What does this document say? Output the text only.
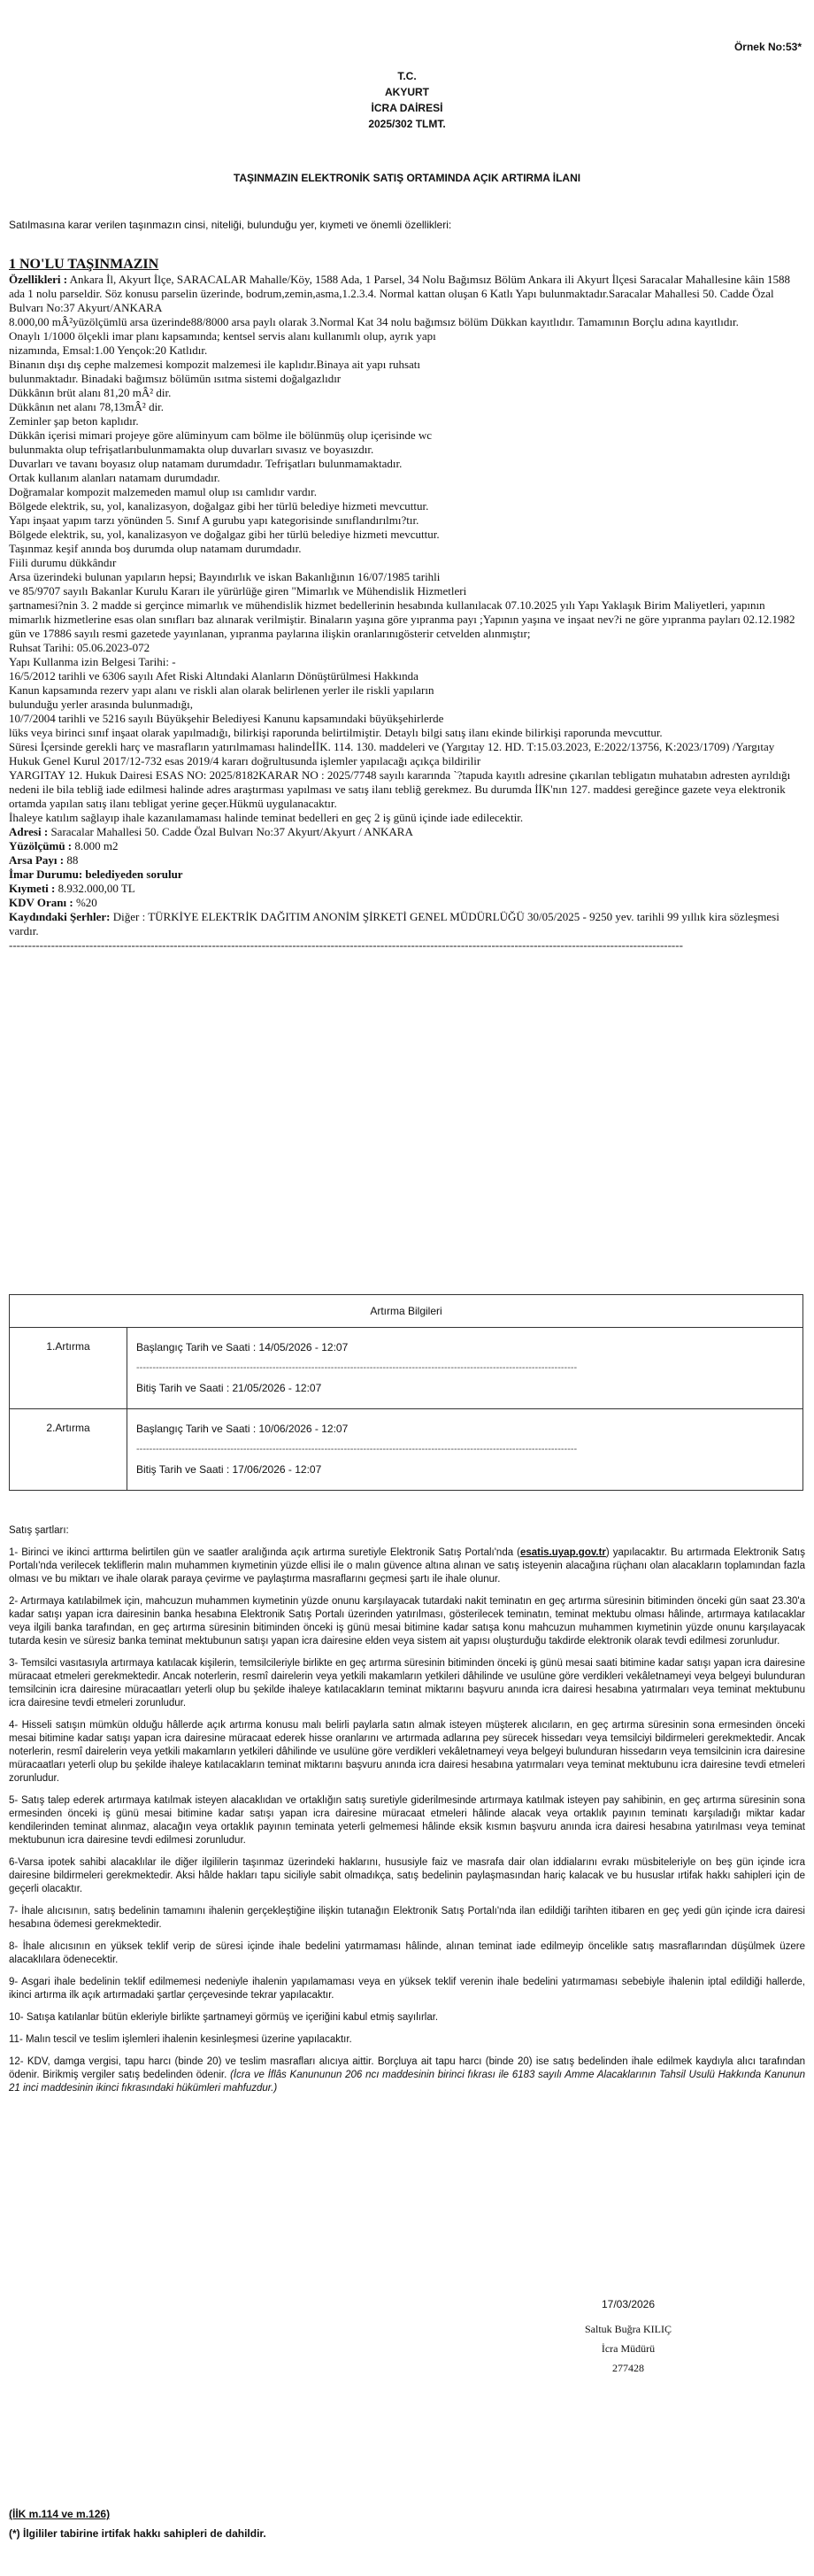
Örnek No:53*
T.C.
AKYURT
İCRA DAİRESİ
2025/302 TLMT.
TAŞINMAZIN ELEKTRONİK SATIŞ ORTAMINDA AÇIK ARTIRMA İLANI
Satılmasına karar verilen taşınmazın cinsi, niteliği, bulunduğu yer, kıymeti ve önemli özellikleri:
1 NO'LU TAŞINMAZIN

Özellikleri : Ankara İl, Akyurt İlçe, SARACALAR Mahalle/Köy, 1588 Ada, 1 Parsel, 34 Nolu Bağımsız Bölüm Ankara ili Akyurt İlçesi Saracalar Mahallesine kâin 1588 ada 1 nolu parseldir. Söz konusu parselin üzerinde, bodrum,zemin,asma,1.2.3.4. Normal kattan oluşan 6 Katlı Yapı bulunmaktadır.Saracalar Mahallesi 50. Cadde Özal Bulvarı No:37 Akyurt/ANKARA

8.000,00 mÂ²yüzölçümlü arsa üzerinde88/8000 arsa paylı olarak 3.Normal Kat 34 nolu bağımsız bölüm Dükkan kayıtlıdır. Tamamının Borçlu adına kayıtlıdır.

Onaylı 1/1000 ölçekli imar planı kapsamında; kentsel servis alanı kullanımlı olup, ayrık yapı

nizamında, Emsal:1.00 Yençok:20 Katlıdır.

Binanın dışı dış cephe malzemesi kompozit malzemesi ile kaplıdır.Binaya ait yapı ruhsatı

bulunmaktadır. Binadaki bağımsız bölümün ısıtma sistemi doğalgazlıdır

Dükkânın brüt alanı 81,20 mÂ² dir.

Dükkânın net alanı 78,13mÂ² dir.

Zeminler şap beton kaplıdır.

Dükkân içerisi mimari projeye göre alüminyum cam bölme ile bölünmüş olup içerisinde wc

bulunmakta olup tefrişatlarıbulunmamakta olup duvarları sıvasız ve boyasızdır.

Duvarları ve tavanı boyasız olup natamam durumdadır. Tefrişatları bulunmamaktadır.

Ortak kullanım alanları natamam durumdadır.

Doğramalar kompozit malzemeden mamul olup ısı camlıdır vardır.

Bölgede elektrik, su, yol, kanalizasyon, doğalgaz gibi her türlü belediye hizmeti mevcuttur.

Yapı inşaat yapım tarzı yönünden 5. Sınıf A gurubu yapı kategorisinde sınıflandırılmı?tır.

Bölgede elektrik, su, yol, kanalizasyon ve doğalgaz gibi her türlü belediye hizmeti mevcuttur.

Taşınmaz keşif anında boş durumda olup natamam durumdadır.

Fiili durumu dükkândır

Arsa üzerindeki bulunan yapıların hepsi; Bayındırlık ve iskan Bakanlığının 16/07/1985 tarihli

ve 85/9707 sayılı Bakanlar Kurulu Kararı ile yürürlüğe giren "Mimarlık ve Mühendislik Hizmetleri

şartnamesi?nin 3. 2 madde si gerçince mimarlık ve mühendislik hizmet bedellerinin hesabında kullanılacak 07.10.2025 yılı Yapı Yaklaşık Birim Maliyetleri, yapının mimarlık hizmetlerine esas olan sınıfları baz alınarak verilmiştir. Binaların yaşına göre yıpranma payı ;Yapının yaşına ve inşaat nev?i ne göre yıpranma payları 02.12.1982 gün ve 17886 sayılı resmi gazetede yayınlanan, yıpranma paylarına ilişkin oranlarınıgösterir cetvelden alınmıştır;

Ruhsat Tarihi: 05.06.2023-072

Yapı Kullanma izin Belgesi Tarihi: -

16/5/2012 tarihli ve 6306 sayılı Afet Riski Altındaki Alanların Dönüştürülmesi Hakkında

Kanun kapsamında rezerv yapı alanı ve riskli alan olarak belirlenen yerler ile riskli yapıların

bulunduğu yerler arasında bulunmadığı,

10/7/2004 tarihli ve 5216 sayılı Büyükşehir Belediyesi Kanunu kapsamındaki büyükşehirlerde

lüks veya birinci sınıf inşaat olarak yapılmadığı, bilirkişi raporunda belirtilmiştir. Detaylı bilgi satış ilanı ekinde bilirkişi raporunda mevcuttur.

Süresi İçersinde gerekli harç ve masrafların yatırılmaması halindeİİK. 114. 130. maddeleri ve (Yargıtay 12. HD. T:15.03.2023, E:2022/13756, K:2023/1709) /Yargıtay Hukuk Genel Kurul 2017/12-732 esas 2019/4 kararı doğrultusunda işlemler yapılacağı açıkça bildirilir

YARGITAY 12. Hukuk Dairesi ESAS NO: 2025/8182KARAR NO : 2025/7748 sayılı kararında `?tapuda kayıtlı adresine çıkarılan tebligatın muhatabın adresten ayrıldığı nedeni ile bila tebliğ iade edilmesi halinde adres araştırması yapılması ve satış ilanı tebliğ gerekmez. Bu durumda İİK'nın 127. maddesi gereğince gazete veya elektronik ortamda yapılan satış ilanı tebligat yerine geçer.Hükmü uygulanacaktır.

İhaleye katılım sağlayıp ihale kazanılamaması halinde teminat bedelleri en geç 2 iş günü içinde iade edilecektir.

Adresi : Saracalar Mahallesi 50. Cadde Özal Bulvarı No:37 Akyurt/Akyurt / ANKARA

Yüzölçümü : 8.000 m2

Arsa Payı : 88

İmar Durumu: belediyeden sorulur

Kıymeti : 8.932.000,00 TL

KDV Oranı : %20

Kaydındaki Şerhler: Diğer : TÜRKİYE ELEKTRİK DAĞITIM ANONİM ŞİRKETİ GENEL MÜDÜRLÜĞÜ 30/05/2025 - 9250 yev. tarihli 99 yıllık kira sözleşmesi vardır.

--------------------------------------------------------------------------------------------------------------------------------------------------------------------------------

Artırma Bilgileri	
1.Artırma	Başlangıç Tarih ve Saati : 14/05/2026 - 12:07
----------------------------------------------------------------------------------------------------------------------------------------
Bitiş Tarih ve Saati : 21/05/2026 - 12:07

2.Artırma	Başlangıç Tarih ve Saati : 10/06/2026 - 12:07
----------------------------------------------------------------------------------------------------------------------------------------
Bitiş Tarih ve Saati : 17/06/2026 - 12:07

Satış şartları:

1- Birinci ve ikinci arttırma belirtilen gün ve saatler aralığında açık artırma suretiyle Elektronik Satış Portalı'nda (esatis.uyap.gov.tr) yapılacaktır. Bu artırmada Elektronik Satış Portalı'nda verilecek tekliflerin malın muhammen kıymetinin yüzde ellisi ile o malın güvence altına alınan ve satış isteyenin alacağına rüçhanı olan alacakların toplamından fazla olması ve bu miktarı ve ihale olarak paraya çevirme ve paylaştırma masraflarını geçmesi şartı ile ihale olunur.

2- Artırmaya katılabilmek için, mahcuzun muhammen kıymetinin yüzde onunu karşılayacak tutardaki nakit teminatın en geç artırma süresinin bitiminden önceki gün saat 23.30'a kadar satışı yapan icra dairesinin banka hesabına Elektronik Satış Portalı üzerinden yatırılması, gösterilecek teminatın, teminat mektubu olması hâlinde, artırmaya katılacaklar veya ilgili banka tarafından, en geç artırma süresinin bitiminden önceki iş günü mesai bitimine kadar satışa konu mahcuzun muhammen kıymetinin yüzde onunu karşılayacak tutarda kesin ve süresiz banka teminat mektubunun satışı yapan icra dairesine elden veya sistem ait yapısı oluşturduğu takdirde elektronik olarak tevdi edilmesi zorunludur.

3- Temsilci vasıtasıyla artırmaya katılacak kişilerin, temsilcileriyle birlikte en geç artırma süresinin bitiminden önceki iş günü mesai saati bitimine kadar satışı yapan icra dairesine müracaat etmeleri gerekmektedir. Ancak noterlerin, resmî dairelerin veya yetkili makamların yetkileri dâhilinde ve usulüne göre verdikleri vekâletnameyi veya belgeyi bulunduran temsilcinin icra dairesine müracaatları yeterli olup bu şekilde ihaleye katılacakların teminat miktarını başvuru anında icra dairesi hesabına yatırmaları veya teminat mektubunu icra dairesine tevdi etmeleri zorunludur.

4- Hisseli satışın mümkün olduğu hâllerde açık artırma konusu malı belirli paylarla satın almak isteyen müşterek alıcıların, en geç artırma süresinin sona ermesinden önceki mesai bitimine kadar satışı yapan icra dairesine müracaat ederek hisse oranlarını ve artırmada adlarına pey sürecek hissedarı veya temsilciyi bildirmeleri gerekmektedir. Ancak noterlerin, resmî dairelerin veya yetkili makamların yetkileri dâhilinde ve usulüne göre verdikleri vekâletnameyi veya belgeyi bulunduran hissedarın veya temsilcinin icra dairesine müracaatları yeterli olup bu şekilde ihaleye katılacakların teminat miktarını başvuru anında icra dairesi hesabına yatırmaları veya teminat mektubunu icra dairesine tevdi etmeleri zorunludur.

5- Satış talep ederek artırmaya katılmak isteyen alacaklıdan ve ortaklığın satış suretiyle giderilmesinde artırmaya katılmak isteyen pay sahibinin, en geç artırma süresinin sona ermesinden önceki iş günü mesai bitimine kadar satışı yapan icra dairesine müracaat etmeleri hâlinde alacak veya ortaklık payının teminatı karşıladığı miktar kadar kendilerinden teminat alınmaz, alacağın veya ortaklık payının teminata yeterli gelmemesi hâlinde eksik kısmın başvuru anında icra dairesi hesabına yatırılması veya teminat mektubunun icra dairesine tevdi edilmesi zorunludur.

6-Varsa ipotek sahibi alacaklılar ile diğer ilgililerin taşınmaz üzerindeki haklarını, hususiyle faiz ve masrafa dair olan iddialarını evrakı müsbiteleriyle on beş gün içinde icra dairesine bildirmeleri gerekmektedir. Aksi hâlde hakları tapu siciliyle sabit olmadıkça, satış bedelinin paylaşmasından hariç kalacak ve bu hususlar ırtifak hakkı sahipleri için de geçerli olacaktır.

7- İhale alıcısının, satış bedelinin tamamını ihalenin gerçekleştiğine ilişkin tutanağın Elektronik Satış Portalı'nda ilan edildiği tarihten itibaren en geç yedi gün içinde icra dairesi hesabına ödemesi gerekmektedir.

8- İhale alıcısının en yüksek teklif verip de süresi içinde ihale bedelini yatırmaması hâlinde, alınan teminat iade edilmeyip öncelikle satış masraflarından düşülmek üzere alacaklılara ödenecektir.

9- Asgari ihale bedelinin teklif edilmemesi nedeniyle ihalenin yapılamaması veya en yüksek teklif verenin ihale bedelini yatırmaması sebebiyle ihalenin iptal edildiği hallerde, ikinci artırma ilk açık artırmadaki şartlar çerçevesinde tekrar yapılacaktır.

10- Satışa katılanlar bütün ekleriyle birlikte şartnameyi görmüş ve içeriğini kabul etmiş sayılırlar.

11- Malın tescil ve teslim işlemleri ihalenin kesinleşmesi üzerine yapılacaktır.

12- KDV, damga vergisi, tapu harcı (binde 20) ve teslim masrafları alıcıya aittir. Borçluya ait tapu harcı (binde 20) ise satış bedelinden ihale edilmek kaydıyla alıcı tarafından ödenir. Birikmiş vergiler satış bedelinden ödenir. (İcra ve İflâs Kanununun 206 ncı maddesinin birinci fıkrası ile 6183 sayılı Amme Alacaklarının Tahsil Usulü Hakkında Kanunun 21 inci maddesinin ikinci fıkrasındaki hükümleri mahfuzdur.)

17/03/2026
Saltuk Buğra KILIÇ
İcra Müdürü
277428
(İİK m.114 ve m.126)
(*) İlgililer tabirine irtifak hakkı sahipleri de dahildir.
